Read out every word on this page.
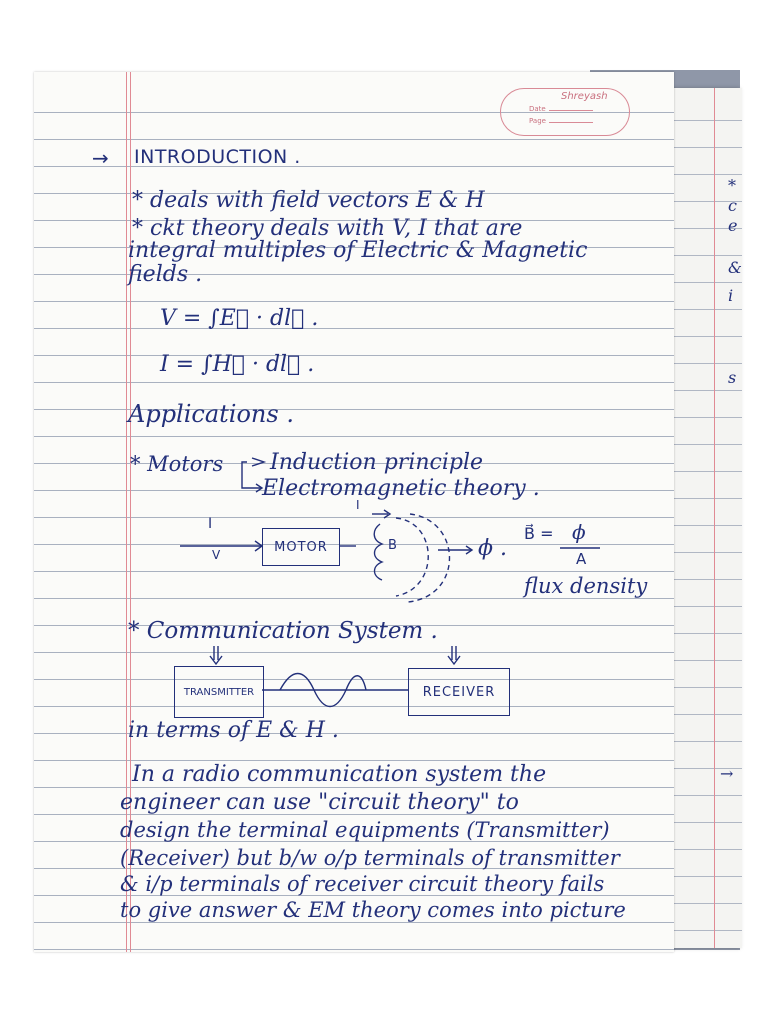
*
c
e
&
i
s
→
Shreyash
Date
Page
→ INTRODUCTION .
* deals with field vectors E & H
* ckt theory deals with V, I that are
integral multiples of Electric & Magnetic
fields .
V = ∫E⃗ · dl⃗ .
I = ∫H⃗ · dl⃗ .
Applications .
* Motors Induction principle
Electromagnetic theory .
I
V
MOTOR
I
B	ϕ .
B⃗ = ϕ
A
flux density
* Communication System .
TRANSMITTER	RECEIVER
in terms of E & H .
In a radio communication system the
engineer can use "circuit theory" to
design the terminal equipments (Transmitter)
(Receiver) but b/w o/p terminals of transmitter
& i/p terminals of receiver circuit theory fails
to give answer & EM theory comes into picture
